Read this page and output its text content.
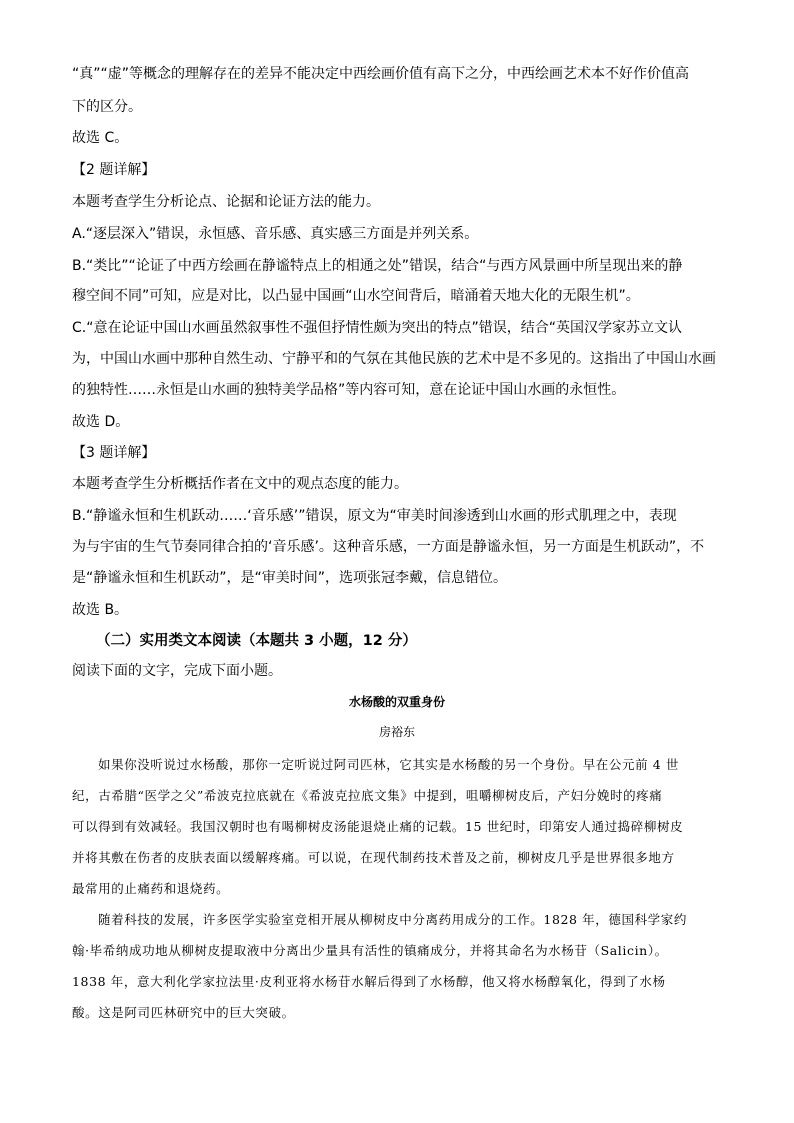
“真”“虚”等概念的理解存在的差异不能决定中西绘画价值有高下之分，中西绘画艺术本不好作价值高
下的区分。
故选 C。
【2 题详解】
本题考查学生分析论点、论据和论证方法的能力。
A.“逐层深入”错误，永恒感、音乐感、真实感三方面是并列关系。
B.“类比”“论证了中西方绘画在静谧特点上的相通之处”错误，结合“与西方风景画中所呈现出来的静
穆空间不同”可知，应是对比，以凸显中国画“山水空间背后，暗涌着天地大化的无限生机”。
C.“意在论证中国山水画虽然叙事性不强但抒情性颇为突出的特点”错误，结合“英国汉学家苏立文认
为，中国山水画中那种自然生动、宁静平和的气氛在其他民族的艺术中是不多见的。这指出了中国山水画
的独特性……永恒是山水画的独特美学品格”等内容可知，意在论证中国山水画的永恒性。
故选 D。
【3 题详解】
本题考查学生分析概括作者在文中的观点态度的能力。
B.“静谧永恒和生机跃动……‘音乐感’”错误，原文为“审美时间渗透到山水画的形式肌理之中，表现
为与宇宙的生气节奏同律合拍的‘音乐感’。这种音乐感，一方面是静谧永恒，另一方面是生机跃动”，不
是“静谧永恒和生机跃动”，是“审美时间”，选项张冠李戴，信息错位。
故选 B。
（二）实用类文本阅读（本题共 3 小题，12 分）
阅读下面的文字，完成下面小题。
水杨酸的双重身份
房裕东
如果你没听说过水杨酸，那你一定听说过阿司匹林，它其实是水杨酸的另一个身份。早在公元前 4 世
纪，古希腊“医学之父”希波克拉底就在《希波克拉底文集》中提到，咀嚼柳树皮后，产妇分娩时的疼痛
可以得到有效减轻。我国汉朝时也有喝柳树皮汤能退烧止痛的记载。15 世纪时，印第安人通过捣碎柳树皮
并将其敷在伤者的皮肤表面以缓解疼痛。可以说，在现代制药技术普及之前，柳树皮几乎是世界很多地方
最常用的止痛药和退烧药。
随着科技的发展，许多医学实验室竞相开展从柳树皮中分离药用成分的工作。1828 年，德国科学家约
翰·毕希纳成功地从柳树皮提取液中分离出少量具有活性的镇痛成分，并将其命名为水杨苷（Salicin）。
1838 年，意大利化学家拉法里·皮利亚将水杨苷水解后得到了水杨醇，他又将水杨醇氧化，得到了水杨
酸。这是阿司匹林研究中的巨大突破。
